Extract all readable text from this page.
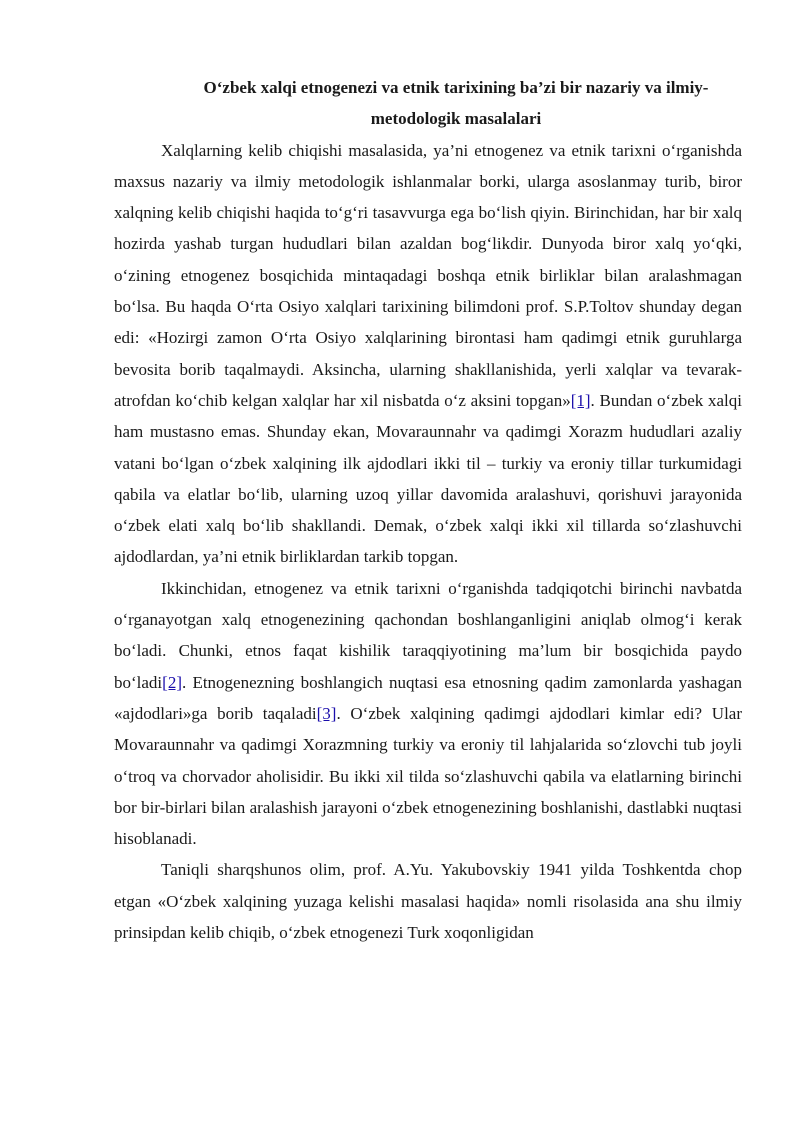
O‘zbek xalqi etnogenezi va etnik tarixining ba’zi bir nazariy va ilmiy-metodologik masalalari

Xalqlarning kelib chiqishi masalasida, ya’ni etnogenez va etnik tarixni o‘rganishda maxsus nazariy va ilmiy metodologik ishlanmalar borki, ularga asoslanmay turib, biror xalqning kelib chiqishi haqida to‘g‘ri tasavvurga ega bo‘lish qiyin. Birinchidan, har bir xalq hozirda yashab turgan hududlari bilan azaldan bog‘likdir. Dunyoda biror xalq yo‘qki, o‘zining etnogenez bosqichida mintaqadagi boshqa etnik birliklar bilan aralashmagan bo‘lsa. Bu haqda O‘rta Osiyo xalqlari tarixining bilimdoni prof. S.P.Toltov shunday degan edi: «Hozirgi zamon O‘rta Osiyo xalqlarining birontasi ham qadimgi etnik guruhlarga bevosita borib taqalmaydi. Aksincha, ularning shakllanishida, yerli xalqlar va tevarak-atrofdan ko‘chib kelgan xalqlar har xil nisbatda o‘z aksini topgan»[1]. Bundan o‘zbek xalqi ham mustasno emas. Shunday ekan, Movaraunnahr va qadimgi Xorazm hududlari azaliy vatani bo‘lgan o‘zbek xalqining ilk ajdodlari ikki til – turkiy va eroniy tillar turkumidagi qabila va elatlar bo‘lib, ularning uzoq yillar davomida aralashuvi, qorishuvi jarayonida o‘zbek elati xalq bo‘lib shakllandi. Demak, o‘zbek xalqi ikki xil tillarda so‘zlashuvchi ajdodlardan, ya’ni etnik birliklardan tarkib topgan.

Ikkinchidan, etnogenez va etnik tarixni o‘rganishda tadqiqotchi birinchi navbatda o‘rganayotgan xalq etnogenezining qachondan boshlanganligini aniqlab olmog‘i kerak bo‘ladi. Chunki, etnos faqat kishilik taraqqiyotining ma’lum bir bosqichida paydo bo‘ladi[2]. Etnogenezning boshlangich nuqtasi esa etnosning qadim zamonlarda yashagan «ajdodlari»ga borib taqaladi[3]. O‘zbek xalqining qadimgi ajdodlari kimlar edi? Ular Movaraunnahr va qadimgi Xorazmning turkiy va eroniy til lahjalarida so‘zlovchi tub joyli o‘troq va chorvador aholisidir. Bu ikki xil tilda so‘zlashuvchi qabila va elatlarning birinchi bor bir-birlari bilan aralashish jarayoni o‘zbek etnogenezining boshlanishi, dastlabki nuqtasi hisoblanadi.

Taniqli sharqshunos olim, prof. A.Yu. Yakubovskiy 1941 yilda Toshkentda chop etgan «O‘zbek xalqining yuzaga kelishi masalasi haqida» nomli risolasida ana shu ilmiy prinsipdan kelib chiqib, o‘zbek etnogenezi Turk xoqonligidan
